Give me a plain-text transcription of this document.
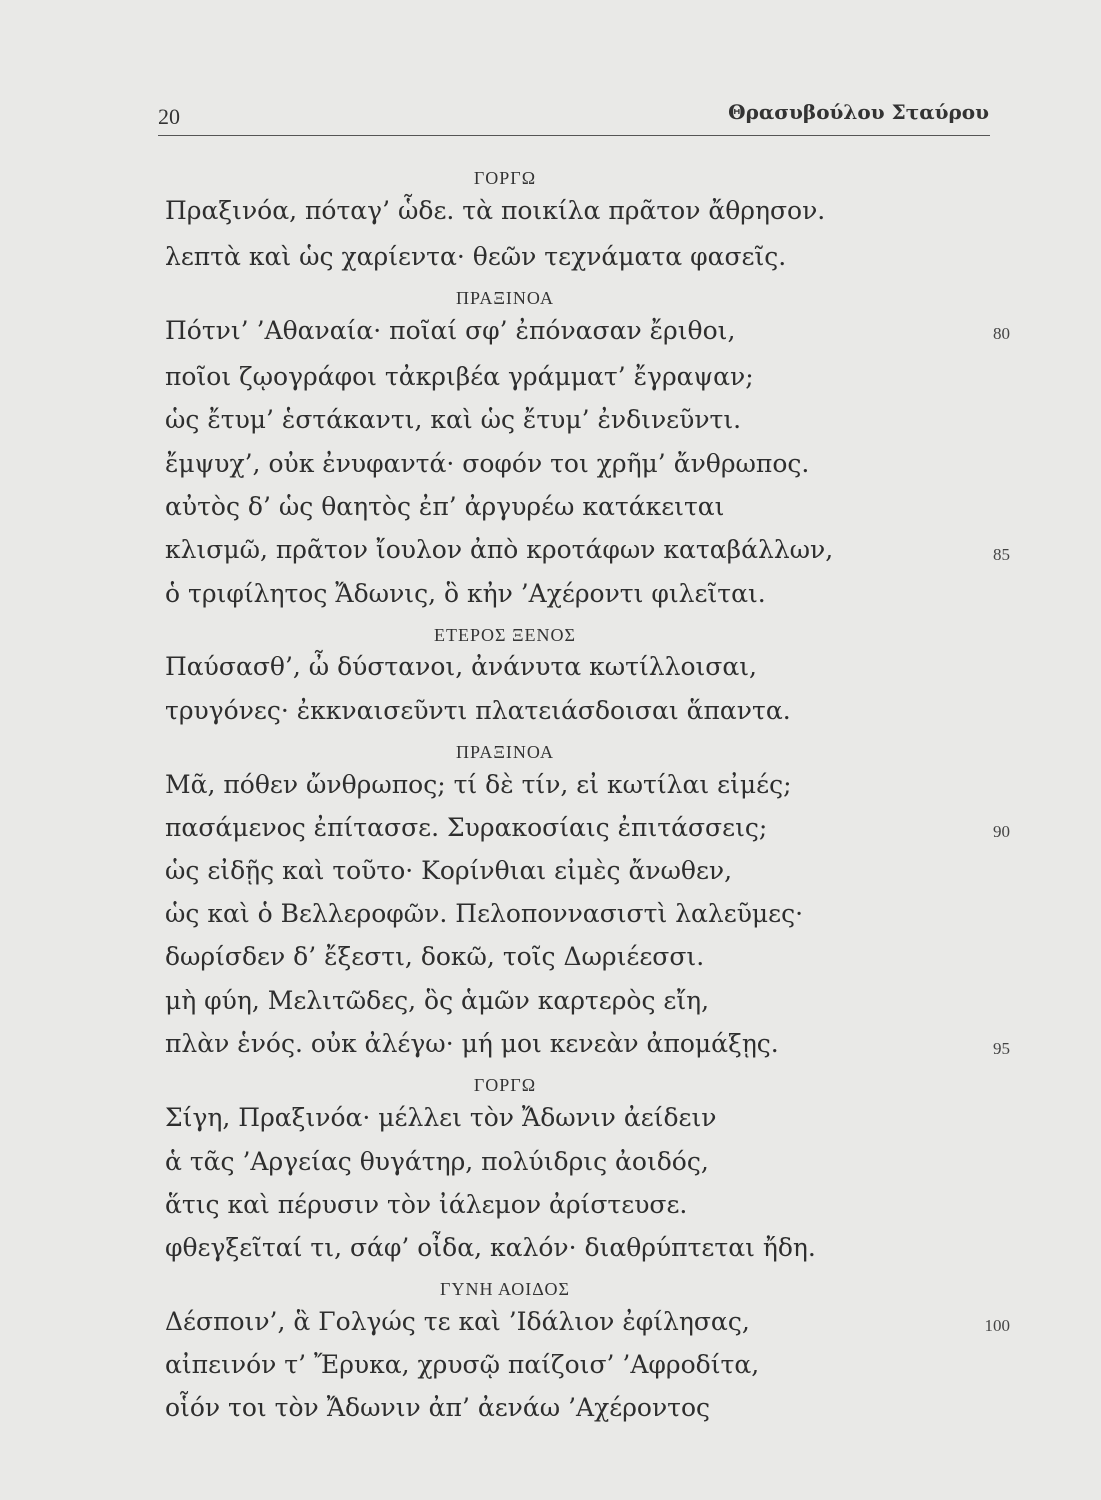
20	Θρασυβούλου Σταύρου
ΓΟΡΓΩ
Πραξινόα, πόταγ’ ὧδε. τὰ ποικίλα πρᾶτον ἄθρησον.
λεπτὰ καὶ ὡς χαρίεντα· θεῶν τεχνάματα φασεῖς.
ΠΡΑΞΙΝΟΑ
Πότνι’ ’Αθαναία· ποῖαί σφ’ ἐπόνασαν ἔριθοι,	80
ποῖοι ζῳογράφοι τἀκριβέα γράμματ’ ἔγραψαν;
ὡς ἔτυμ’ ἑστάκαντι, καὶ ὡς ἔτυμ’ ἐνδινεῦντι.
ἔμψυχ’, οὐκ ἐνυφαντά· σοφόν τοι χρῆμ’ ἄνθρωπος.
αὐτὸς δ’ ὡς θαητὸς ἐπ’ ἀργυρέω κατάκειται
κλισμῶ, πρᾶτον ἴουλον ἀπὸ κροτάφων καταβάλλων,	85
ὁ τριφίλητος Ἄδωνις, ὃ κἠν ’Αχέροντι φιλεῖται.
ΕΤΕΡΟΣ ΞΕΝΟΣ
Παύσασθ’, ὦ δύστανοι, ἀνάνυτα κωτίλλοισαι,
τρυγόνες· ἐκκναισεῦντι πλατειάσδοισαι ἅπαντα.
ΠΡΑΞΙΝΟΑ
Μᾶ, πόθεν ὤνθρωπος; τί δὲ τίν, εἰ κωτίλαι εἰμές;
πασάμενος ἐπίτασσε. Συρακοσίαις ἐπιτάσσεις;	90
ὡς εἰδῇς καὶ τοῦτο· Κορίνθιαι εἰμὲς ἄνωθεν,
ὡς καὶ ὁ Βελλεροφῶν. Πελοποννασιστὶ λαλεῦμες·
δωρίσδεν δ’ ἔξεστι, δοκῶ, τοῖς Δωριέεσσι.
μὴ φύη, Μελιτῶδες, ὃς ἁμῶν καρτερὸς εἴη,
πλὰν ἑνός. οὐκ ἀλέγω· μή μοι κενεὰν ἀπομάξῃς.	95
ΓΟΡΓΩ
Σίγη, Πραξινόα· μέλλει τὸν Ἄδωνιν ἀείδειν
ἁ τᾶς ’Αργείας θυγάτηρ, πολύιδρις ἀοιδός,
ἅτις καὶ πέρυσιν τὸν ἰάλεμον ἀρίστευσε.
φθεγξεῖταί τι, σάφ’ οἶδα, καλόν· διαθρύπτεται ἤδη.
ΓΥΝΗ ΑΟΙΔΟΣ
Δέσποιν’, ἃ Γολγώς τε καὶ ’Ιδάλιον ἐφίλησας,	100
αἰπεινόν τ’ Ἔρυκα, χρυσῷ παίζοισ’ ’Αφροδίτα,
οἷόν τοι τὸν Ἄδωνιν ἀπ’ ἀενάω ’Αχέροντος
